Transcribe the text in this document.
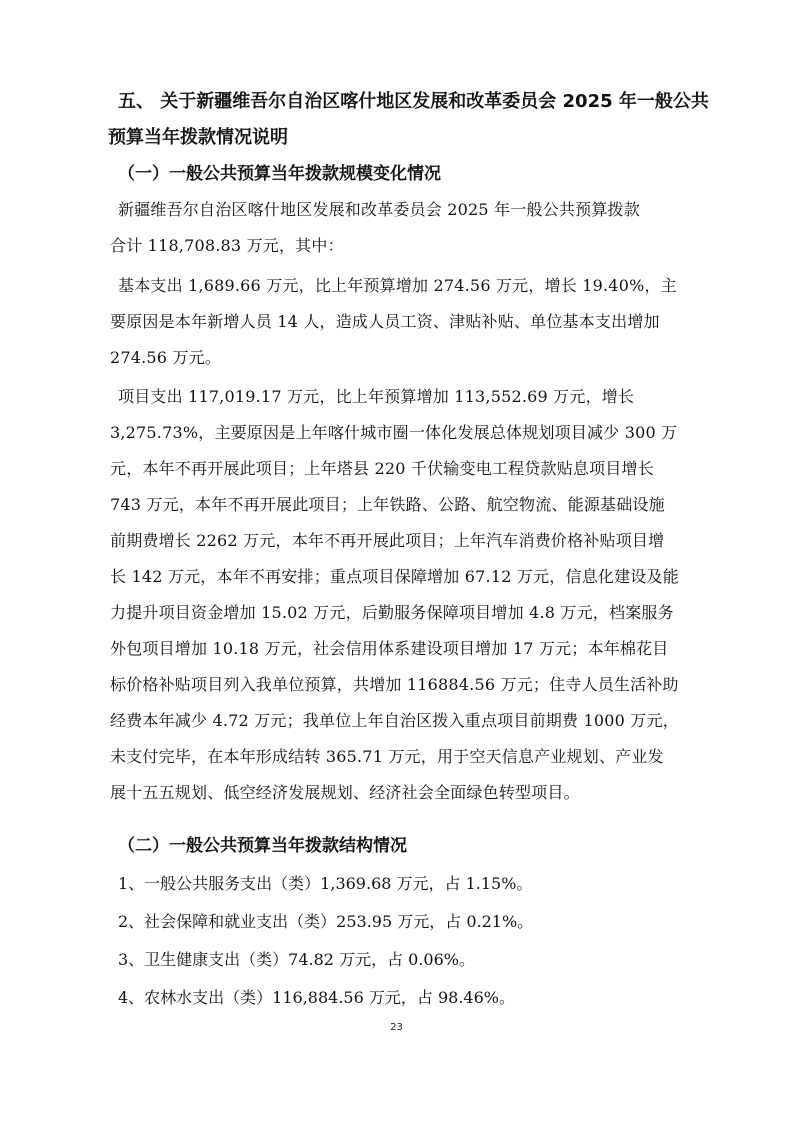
五、 关于新疆维吾尔自治区喀什地区发展和改革委员会 2025 年一般公共
预算当年拨款情况说明
（一）一般公共预算当年拨款规模变化情况
新疆维吾尔自治区喀什地区发展和改革委员会 2025 年一般公共预算拨款
合计 118,708.83 万元，其中：
基本支出 1,689.66 万元，比上年预算增加 274.56 万元，增长 19.40%，主
要原因是本年新增人员 14 人，造成人员工资、津贴补贴、单位基本支出增加
274.56 万元。
项目支出 117,019.17 万元，比上年预算增加 113,552.69 万元，增长
3,275.73%，主要原因是上年喀什城市圈一体化发展总体规划项目减少 300 万
元，本年不再开展此项目；上年塔县 220 千伏输变电工程贷款贴息项目增长
743 万元，本年不再开展此项目；上年铁路、公路、航空物流、能源基础设施
前期费增长 2262 万元，本年不再开展此项目；上年汽车消费价格补贴项目增
长 142 万元，本年不再安排；重点项目保障增加 67.12 万元，信息化建设及能
力提升项目资金增加 15.02 万元，后勤服务保障项目增加 4.8 万元，档案服务
外包项目增加 10.18 万元，社会信用体系建设项目增加 17 万元；本年棉花目
标价格补贴项目列入我单位预算，共增加 116884.56 万元；住寺人员生活补助
经费本年减少 4.72 万元；我单位上年自治区拨入重点项目前期费 1000 万元，
未支付完毕，在本年形成结转 365.71 万元，用于空天信息产业规划、产业发
展十五五规划、低空经济发展规划、经济社会全面绿色转型项目。
（二）一般公共预算当年拨款结构情况
1、一般公共服务支出（类）1,369.68 万元，占 1.15%。
2、社会保障和就业支出（类）253.95 万元，占 0.21%。
3、卫生健康支出（类）74.82 万元，占 0.06%。
4、农林水支出（类）116,884.56 万元，占 98.46%。
23
